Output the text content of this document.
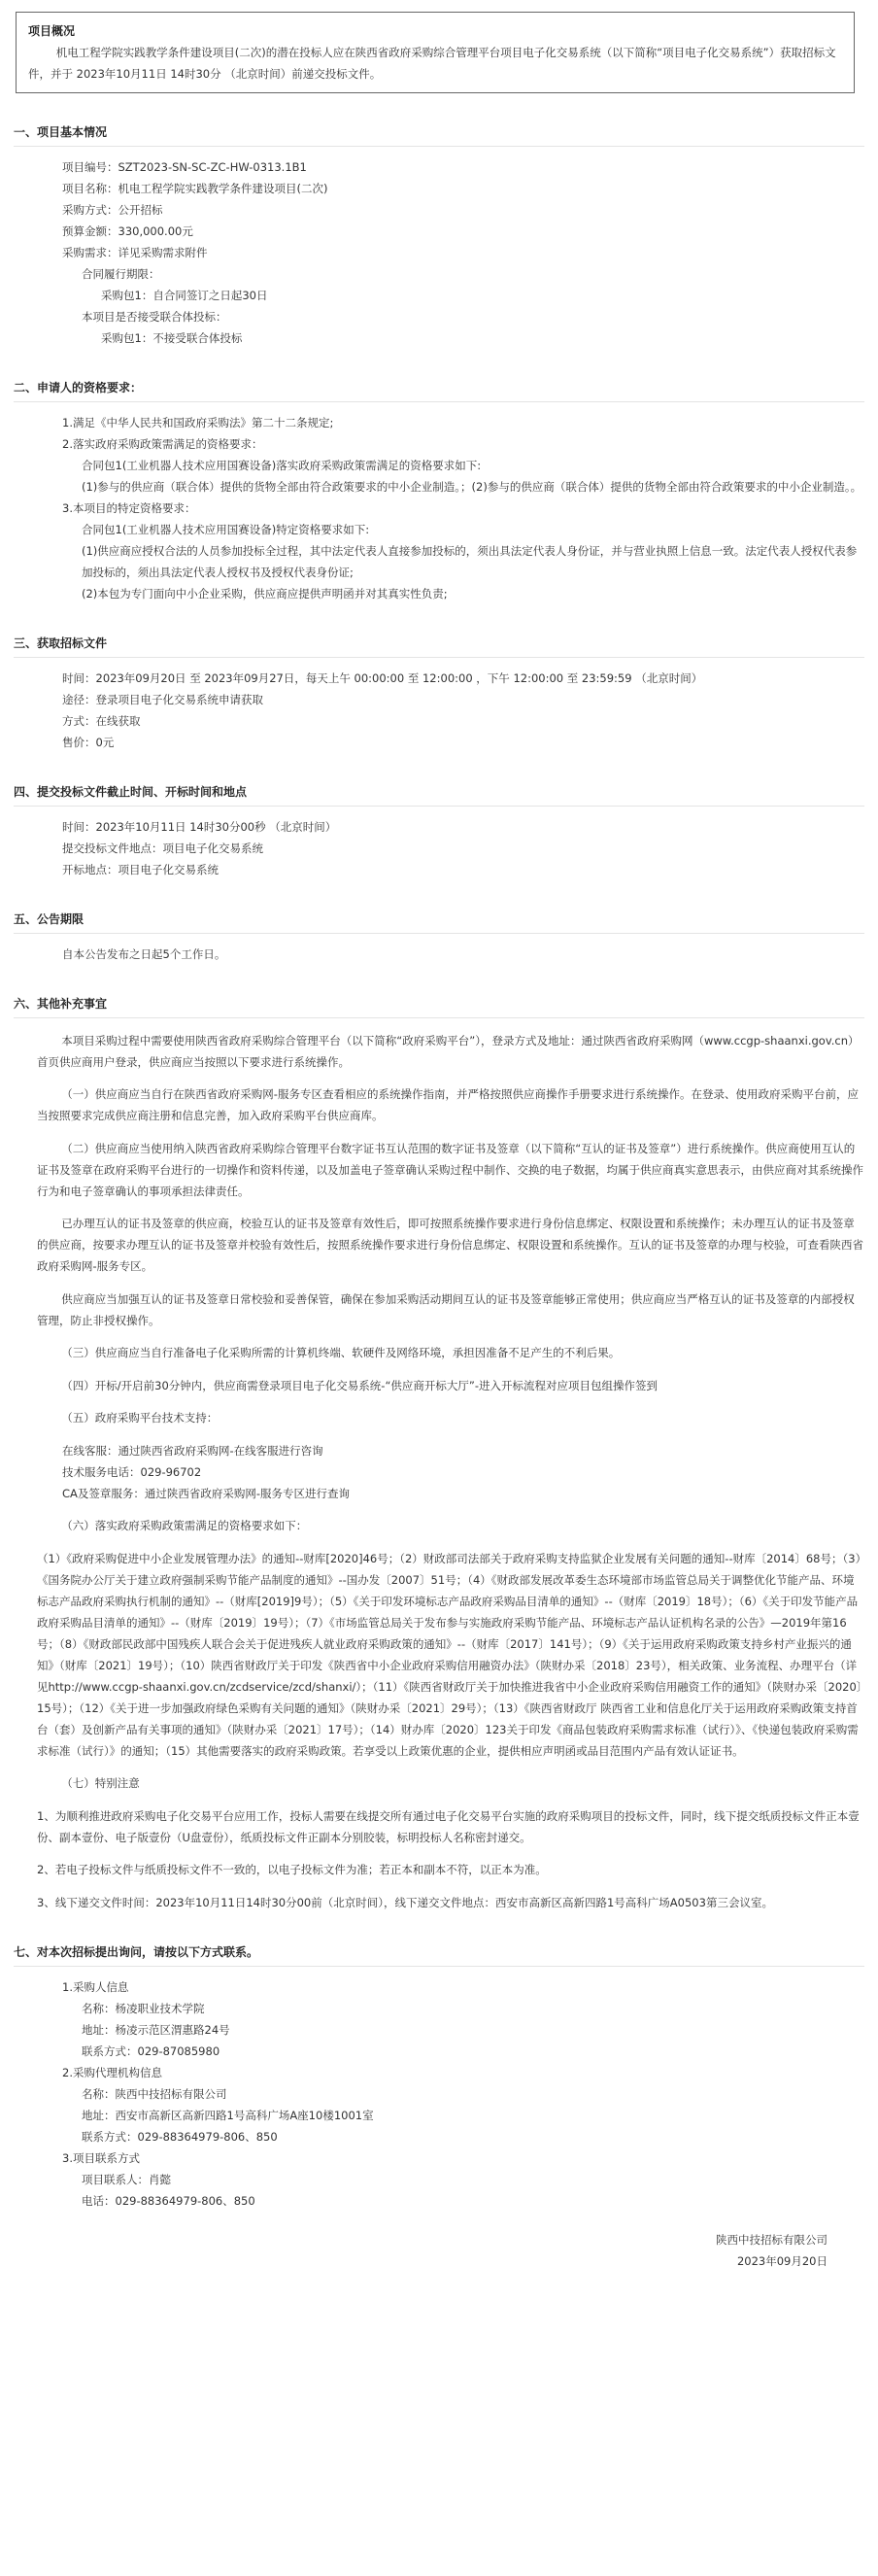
项目概况
机电工程学院实践教学条件建设项目(二次)的潜在投标人应在陕西省政府采购综合管理平台项目电子化交易系统（以下简称“项目电子化交易系统”）获取招标文件，并于 2023年10月11日 14时30分 （北京时间）前递交投标文件。
一、项目基本情况

项目编号：SZT2023-SN-SC-ZC-HW-0313.1B1

项目名称：机电工程学院实践教学条件建设项目(二次)

采购方式：公开招标

预算金额：330,000.00元

采购需求：详见采购需求附件

合同履行期限：

采购包1：自合同签订之日起30日

本项目是否接受联合体投标：

采购包1：不接受联合体投标

二、申请人的资格要求：

1.满足《中华人民共和国政府采购法》第二十二条规定;

2.落实政府采购政策需满足的资格要求：

合同包1(工业机器人技术应用国赛设备)落实政府采购政策需满足的资格要求如下:

(1)参与的供应商（联合体）提供的货物全部由符合政策要求的中小企业制造。；(2)参与的供应商（联合体）提供的货物全部由符合政策要求的中小企业制造。。

3.本项目的特定资格要求：

合同包1(工业机器人技术应用国赛设备)特定资格要求如下:

(1)供应商应授权合法的人员参加投标全过程，其中法定代表人直接参加投标的，须出具法定代表人身份证，并与营业执照上信息一致。法定代表人授权代表参加投标的，须出具法定代表人授权书及授权代表身份证;

(2)本包为专门面向中小企业采购，供应商应提供声明函并对其真实性负责;

三、获取招标文件

时间：2023年09月20日 至 2023年09月27日，每天上午 00:00:00 至 12:00:00 ，下午 12:00:00 至 23:59:59 （北京时间）

途径：登录项目电子化交易系统申请获取

方式：在线获取

售价：0元

四、提交投标文件截止时间、开标时间和地点

时间：2023年10月11日 14时30分00秒 （北京时间）

提交投标文件地点：项目电子化交易系统

开标地点：项目电子化交易系统

五、公告期限

自本公告发布之日起5个工作日。

六、其他补充事宜

本项目采购过程中需要使用陕西省政府采购综合管理平台（以下简称“政府采购平台”），登录方式及地址：通过陕西省政府采购网（www.ccgp-shaanxi.gov.cn）首页供应商用户登录，供应商应当按照以下要求进行系统操作。

（一）供应商应当自行在陕西省政府采购网-服务专区查看相应的系统操作指南，并严格按照供应商操作手册要求进行系统操作。在登录、使用政府采购平台前，应当按照要求完成供应商注册和信息完善，加入政府采购平台供应商库。

（二）供应商应当使用纳入陕西省政府采购综合管理平台数字证书互认范围的数字证书及签章（以下简称“互认的证书及签章”）进行系统操作。供应商使用互认的证书及签章在政府采购平台进行的一切操作和资料传递，以及加盖电子签章确认采购过程中制作、交换的电子数据，均属于供应商真实意思表示，由供应商对其系统操作行为和电子签章确认的事项承担法律责任。

已办理互认的证书及签章的供应商，校验互认的证书及签章有效性后，即可按照系统操作要求进行身份信息绑定、权限设置和系统操作；未办理互认的证书及签章的供应商，按要求办理互认的证书及签章并校验有效性后，按照系统操作要求进行身份信息绑定、权限设置和系统操作。互认的证书及签章的办理与校验，可查看陕西省政府采购网-服务专区。

供应商应当加强互认的证书及签章日常校验和妥善保管，确保在参加采购活动期间互认的证书及签章能够正常使用；供应商应当严格互认的证书及签章的内部授权管理，防止非授权操作。

（三）供应商应当自行准备电子化采购所需的计算机终端、软硬件及网络环境，承担因准备不足产生的不利后果。

（四）开标/开启前30分钟内，供应商需登录项目电子化交易系统-“供应商开标大厅”-进入开标流程对应项目包组操作签到

（五）政府采购平台技术支持：

在线客服：通过陕西省政府采购网-在线客服进行咨询

技术服务电话：029-96702

CA及签章服务：通过陕西省政府采购网-服务专区进行查询

（六）落实政府采购政策需满足的资格要求如下：

（1）《政府采购促进中小企业发展管理办法》的通知--财库[2020]46号；（2）财政部司法部关于政府采购支持监狱企业发展有关问题的通知--财库〔2014〕68号；（3）《国务院办公厅关于建立政府强制采购节能产品制度的通知》--国办发〔2007〕51号；（4）《财政部发展改革委生态环境部市场监管总局关于调整优化节能产品、环境标志产品政府采购执行机制的通知》--（财库[2019]9号）；（5）《关于印发环境标志产品政府采购品目清单的通知》--（财库〔2019〕18号）；（6）《关于印发节能产品政府采购品目清单的通知》--（财库〔2019〕19号）；（7）《市场监管总局关于发布参与实施政府采购节能产品、环境标志产品认证机构名录的公告》—2019年第16号；（8）《财政部民政部中国残疾人联合会关于促进残疾人就业政府采购政策的通知》--（财库〔2017〕141号）；（9）《关于运用政府采购政策支持乡村产业振兴的通知》（财库〔2021〕19号）；（10）陕西省财政厅关于印发《陕西省中小企业政府采购信用融资办法》（陕财办采〔2018〕23号），相关政策、业务流程、办理平台（详见http://www.ccgp-shaanxi.gov.cn/zcdservice/zcd/shanxi/）；（11）《陕西省财政厅关于加快推进我省中小企业政府采购信用融资工作的通知》（陕财办采〔2020〕15号）；（12）《关于进一步加强政府绿色采购有关问题的通知》（陕财办采〔2021〕29号）；（13）《陕西省财政厅 陕西省工业和信息化厅关于运用政府采购政策支持首台（套）及创新产品有关事项的通知》（陕财办采〔2021〕17号）；（14）财办库〔2020〕123关于印发《商品包装政府采购需求标准（试行）》、《快递包装政府采购需求标准（试行）》的通知；（15）其他需要落实的政府采购政策。若享受以上政策优惠的企业，提供相应声明函或品目范围内产品有效认证证书。

（七）特别注意

1、为顺利推进政府采购电子化交易平台应用工作，投标人需要在线提交所有通过电子化交易平台实施的政府采购项目的投标文件，同时，线下提交纸质投标文件正本壹份、副本壹份、电子版壹份（U盘壹份），纸质投标文件正副本分别胶装，标明投标人名称密封递交。

2、若电子投标文件与纸质投标文件不一致的，以电子投标文件为准；若正本和副本不符，以正本为准。

3、线下递交文件时间：2023年10月11日14时30分00前（北京时间），线下递交文件地点：西安市高新区高新四路1号高科广场A0503第三会议室。

七、对本次招标提出询问，请按以下方式联系。

1.采购人信息

名称：杨凌职业技术学院

地址：杨凌示范区渭惠路24号

联系方式：029-87085980

2.采购代理机构信息

名称：陕西中技招标有限公司

地址：西安市高新区高新四路1号高科广场A座10楼1001室

联系方式：029-88364979-806、850

3.项目联系方式

项目联系人：肖懿

电话：029-88364979-806、850

陕西中技招标有限公司
2023年09月20日
